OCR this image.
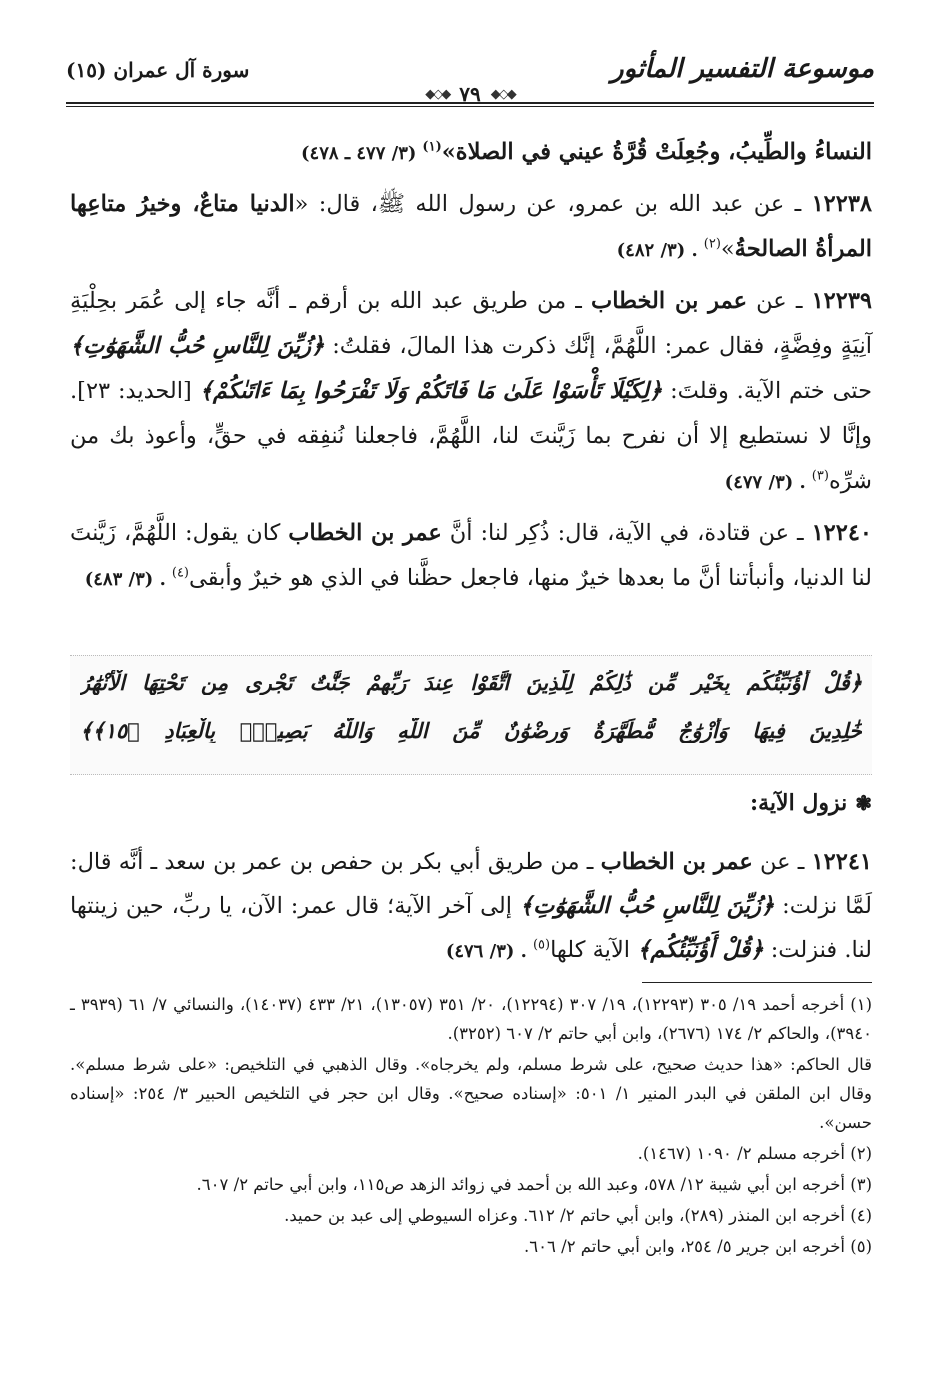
موسوعة التفسير المأثور
◆◇◆
٧٩
◆◇◆
سورة آل عمران (١٥)

النساءُ والطِّيبُ، وجُعِلَتْ قُرَّةُ عيني في الصلاة»$^{(١)}$(٣/ ٤٧٧ ـ ٤٧٨)

١٢٢٣٨ ـ عن عبد الله بن عمرو، عن رسول الله ﷺ، قال: «الدنيا متاعٌ، وخيرُ متاعِها المرأةُ الصالحةُ»$^{(٢)}$. (٣/ ٤٨٢)

١٢٢٣٩ ـ عن عمر بن الخطاب ـ من طريق عبد الله بن أرقم ـ أنَّه جاء إلى عُمَر بحِلْيَةِ آنِيَةٍ وفِضَّةٍ، فقال عمر: اللَّهُمَّ، إنَّك ذكرت هذا المالَ، فقلتُ: ﴿زُيِّنَ لِلنَّاسِ حُبُّ الشَّهَوَٰتِ﴾ حتى ختم الآية. وقلتَ: ﴿لِكَيْلَا تَأْسَوْا عَلَىٰ مَا فَاتَكُمْ وَلَا تَفْرَحُوا بِمَا ءَاتَىٰكُمْ﴾ [الحديد: ٢٣]. وإنَّا لا نستطيع إلا أن نفرح بما زَيَّنتَ لنا، اللَّهُمَّ، فاجعلنا نُنفِقه في حقٍّ، وأعوذ بك من شرِّه$^{(٣)}$. (٣/ ٤٧٧)

١٢٢٤٠ ـ عن قتادة، في الآية، قال: ذُكِر لنا: أنَّ عمر بن الخطاب كان يقول: اللَّهُمَّ، زَيَّنتَ لنا الدنيا، وأنبأتنا أنَّ ما بعدها خيرٌ منها، فاجعل حظَّنا في الذي هو خيرٌ وأبقى$^{(٤)}$. (٣/ ٤٨٣)

﴿قُلْ أَؤُنَبِّئُكُم بِخَيْرٍ مِّن ذَٰلِكُمْ لِلَّذِينَ اتَّقَوْا عِندَ رَبِّهِمْ جَنَّٰتٌ تَجْرِى مِن تَحْتِهَا الْأَنْهَٰرُ
خَٰلِدِينَ فِيهَا وَأَزْوَٰجٌ مُّطَهَّرَةٌ وَرِضْوَٰنٌ مِّنَ اللَّهِ وَاللَّهُ بَصِيرٌۢ بِالْعِبَادِ ﴿١٥﴾﴾
❃
نزول الآية:

١٢٢٤١ ـ عن عمر بن الخطاب ـ من طريق أبي بكر بن حفص بن عمر بن سعد ـ أنَّه قال: لَمَّا نزلت: ﴿زُيِّنَ لِلنَّاسِ حُبُّ الشَّهَوَٰتِ﴾ إلى آخر الآية؛ قال عمر: الآن، يا ربِّ، حين زينتها لنا. فنزلت: ﴿قُلْ أَؤُنَبِّئُكُم﴾ الآية كلها$^{(٥)}$. (٣/ ٤٧٦)

(١) أخرجه أحمد ١٩/ ٣٠٥ (١٢٢٩٣)، ١٩/ ٣٠٧ (١٢٢٩٤)، ٢٠/ ٣٥١ (١٣٠٥٧)، ٢١/ ٤٣٣ (١٤٠٣٧)، والنسائي ٧/ ٦١ (٣٩٣٩ ـ ٣٩٤٠)، والحاكم ٢/ ١٧٤ (٢٦٧٦)، وابن أبي حاتم ٢/ ٦٠٧ (٣٢٥٢).

قال الحاكم: «هذا حديث صحيح، على شرط مسلم، ولم يخرجاه». وقال الذهبي في التلخيص: «على شرط مسلم». وقال ابن الملقن في البدر المنير ١/ ٥٠١: «إسناده صحيح». وقال ابن حجر في التلخيص الحبير ٣/ ٢٥٤: «إسناده حسن».

(٢) أخرجه مسلم ٢/ ١٠٩٠ (١٤٦٧).

(٣) أخرجه ابن أبي شيبة ١٢/ ٥٧٨، وعبد الله بن أحمد في زوائد الزهد ص١١٥، وابن أبي حاتم ٢/ ٦٠٧.

(٤) أخرجه ابن المنذر (٢٨٩)، وابن أبي حاتم ٢/ ٦١٢. وعزاه السيوطي إلى عبد بن حميد.

(٥) أخرجه ابن جرير ٥/ ٢٥٤، وابن أبي حاتم ٢/ ٦٠٦.
